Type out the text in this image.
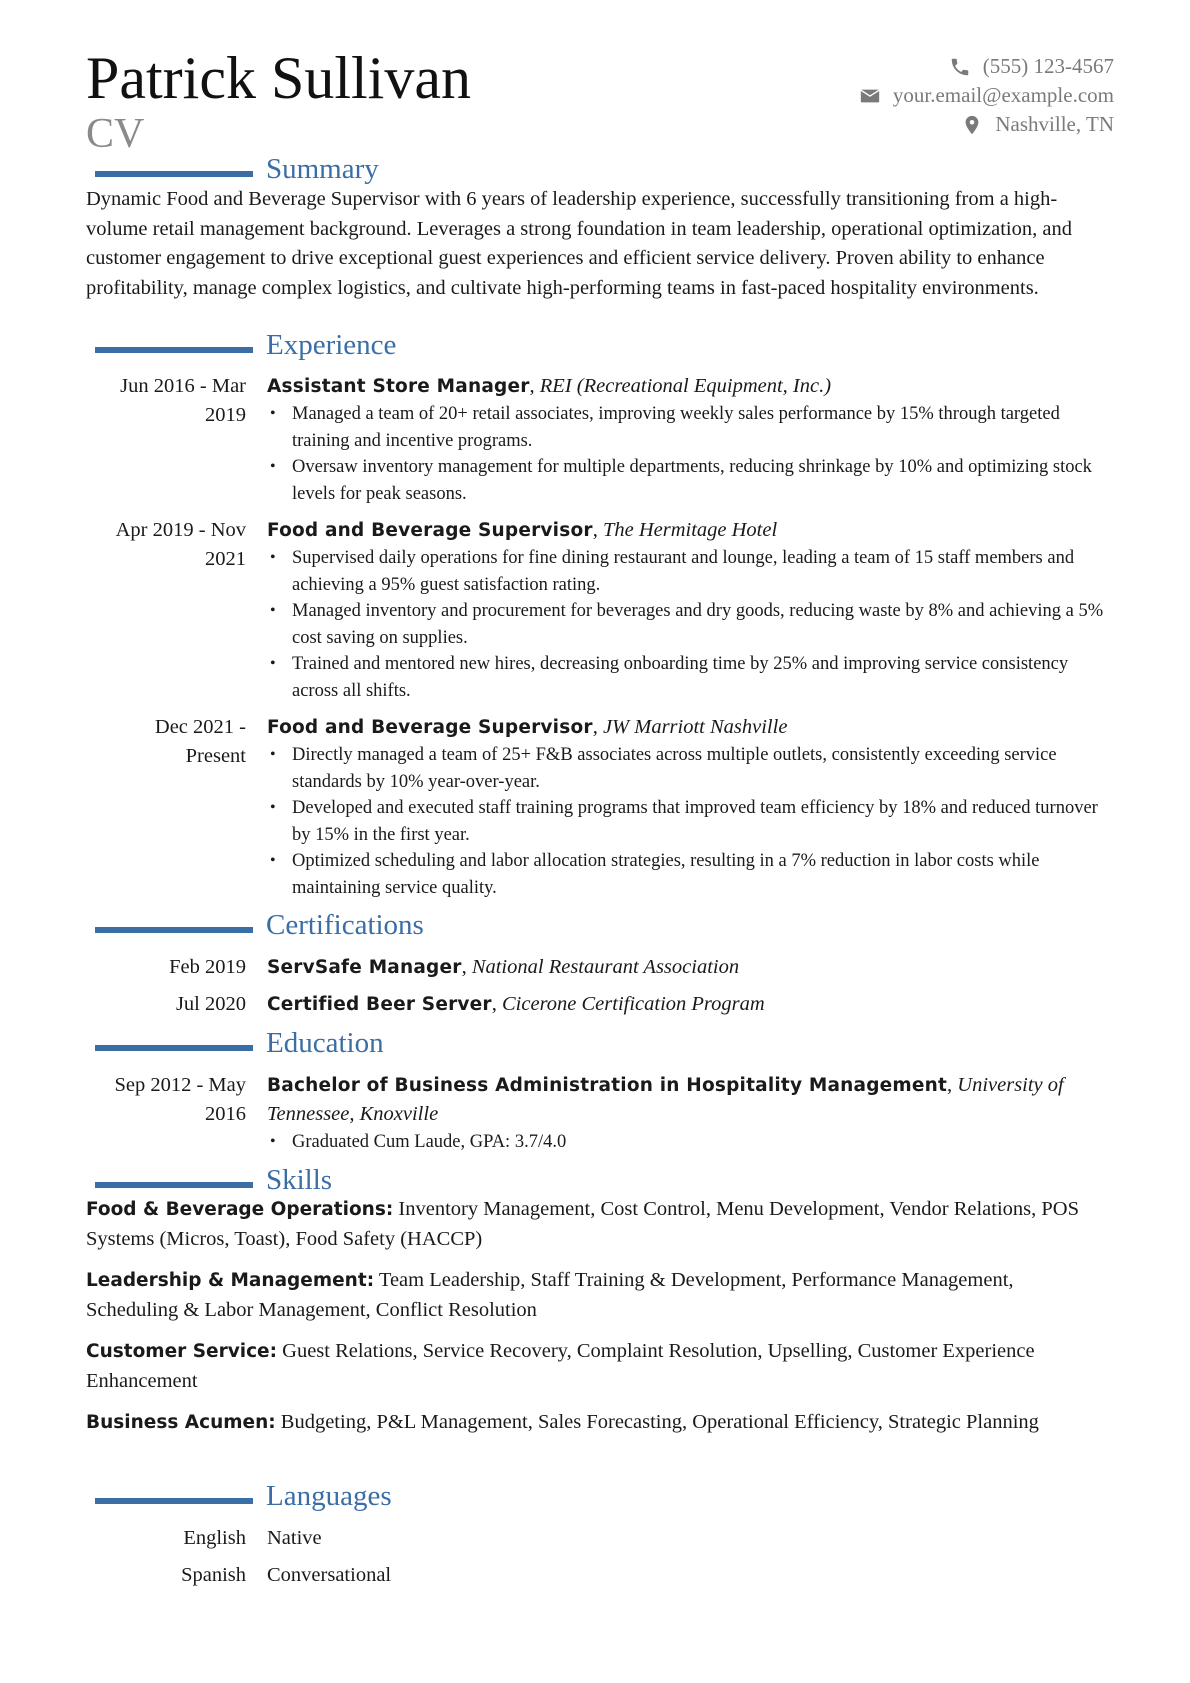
Patrick Sullivan
CV
(555) 123-4567
your.email@example.com
Nashville, TN
Summary
Dynamic Food and Beverage Supervisor with 6 years of leadership experience, successfully transitioning from a high-volume retail management background. Leverages a strong foundation in team leadership, operational optimization, and customer engagement to drive exceptional guest experiences and efficient service delivery. Proven ability to enhance profitability, manage complex logistics, and cultivate high-performing teams in fast-paced hospitality environments.
Experience
Jun 2016 - Mar
2019
Assistant Store Manager, REI (Recreational Equipment, Inc.)
• Managed a team of 20+ retail associates, improving weekly sales performance by 15% through targeted training and incentive programs.
• Oversaw inventory management for multiple departments, reducing shrinkage by 10% and optimizing stock levels for peak seasons.
Apr 2019 - Nov
2021
Food and Beverage Supervisor, The Hermitage Hotel
• Supervised daily operations for fine dining restaurant and lounge, leading a team of 15 staff members and achieving a 95% guest satisfaction rating.
• Managed inventory and procurement for beverages and dry goods, reducing waste by 8% and achieving a 5% cost saving on supplies.
• Trained and mentored new hires, decreasing onboarding time by 25% and improving service consistency across all shifts.
Dec 2021 -
Present
Food and Beverage Supervisor, JW Marriott Nashville
• Directly managed a team of 25+ F&B associates across multiple outlets, consistently exceeding service standards by 10% year-over-year.
• Developed and executed staff training programs that improved team efficiency by 18% and reduced turnover by 15% in the first year.
• Optimized scheduling and labor allocation strategies, resulting in a 7% reduction in labor costs while maintaining service quality.
Certifications
Feb 2019 ServSafe Manager, National Restaurant Association
Jul 2020 Certified Beer Server, Cicerone Certification Program
Education
Sep 2012 - May
2016
Bachelor of Business Administration in Hospitality Management, University of Tennessee, Knoxville
• Graduated Cum Laude, GPA: 3.7/4.0
Skills
Food & Beverage Operations: Inventory Management, Cost Control, Menu Development, Vendor Relations, POS Systems (Micros, Toast), Food Safety (HACCP)
Leadership & Management: Team Leadership, Staff Training & Development, Performance Management, Scheduling & Labor Management, Conflict Resolution
Customer Service: Guest Relations, Service Recovery, Complaint Resolution, Upselling, Customer Experience Enhancement
Business Acumen: Budgeting, P&L Management, Sales Forecasting, Operational Efficiency, Strategic Planning
Languages
English Native
Spanish Conversational
